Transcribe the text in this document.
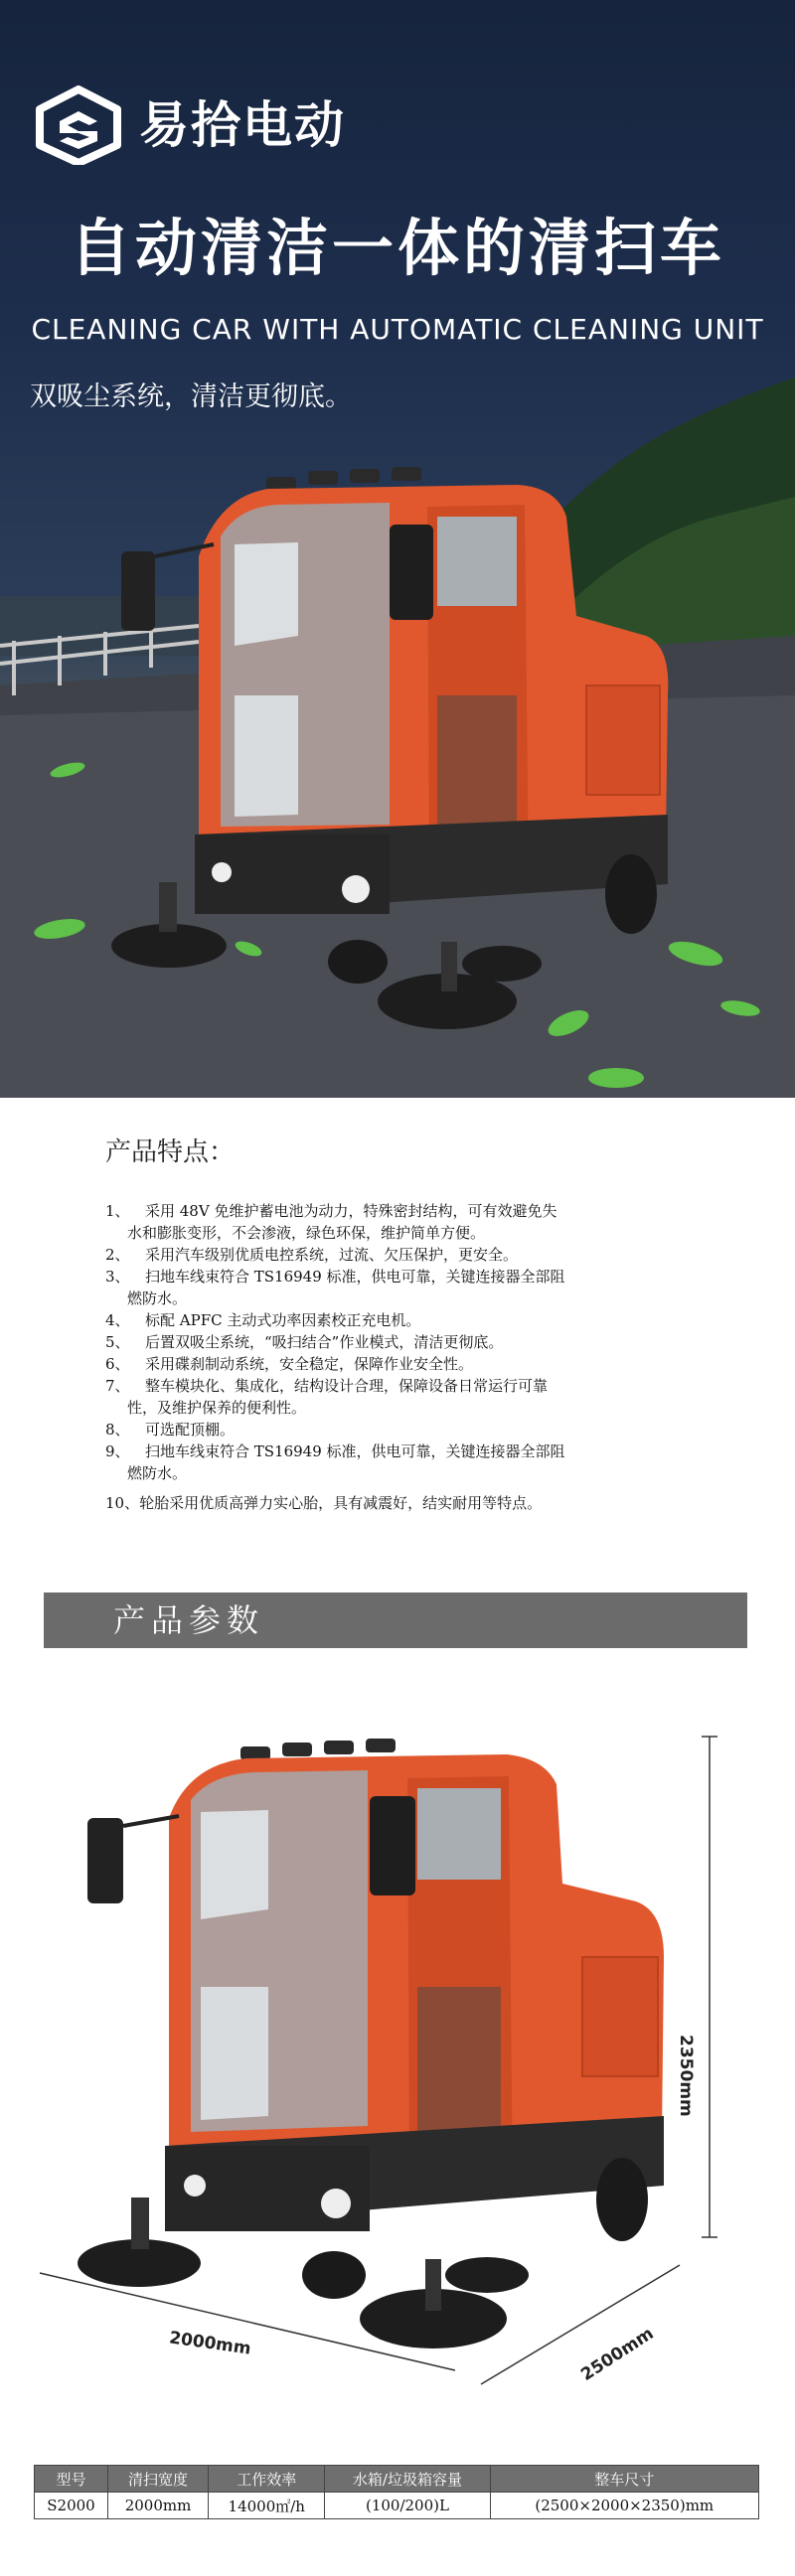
易拾电动
自动清洁一体的清扫车
CLEANING CAR WITH AUTOMATIC CLEANING UNIT
双吸尘系统，清洁更彻底。
产品特点：
1、 采用 48V 免维护蓄电池为动力，特殊密封结构，可有效避免失
水和膨胀变形，不会渗液，绿色环保，维护简单方便。
2、 采用汽车级别优质电控系统，过流、欠压保护，更安全。
3、 扫地车线束符合 TS16949 标准，供电可靠，关键连接器全部阻
燃防水。
4、 标配 APFC 主动式功率因素校正充电机。
5、 后置双吸尘系统，“吸扫结合”作业模式，清洁更彻底。
6、 采用碟刹制动系统，安全稳定，保障作业安全性。
7、 整车模块化、集成化，结构设计合理，保障设备日常运行可靠
性，及维护保养的便利性。
8、 可选配顶棚。
9、 扫地车线束符合 TS16949 标准，供电可靠，关键连接器全部阻
燃防水。
10、轮胎采用优质高弹力实心胎，具有减震好，结实耐用等特点。
产品参数
2350mm
2000mm	2500mm
型号	清扫宽度	工作效率	水箱/垃圾箱容量	整车尺寸
S2000	2000mm	14000㎡/h	(100/200)L	(2500×2000×2350)mm
